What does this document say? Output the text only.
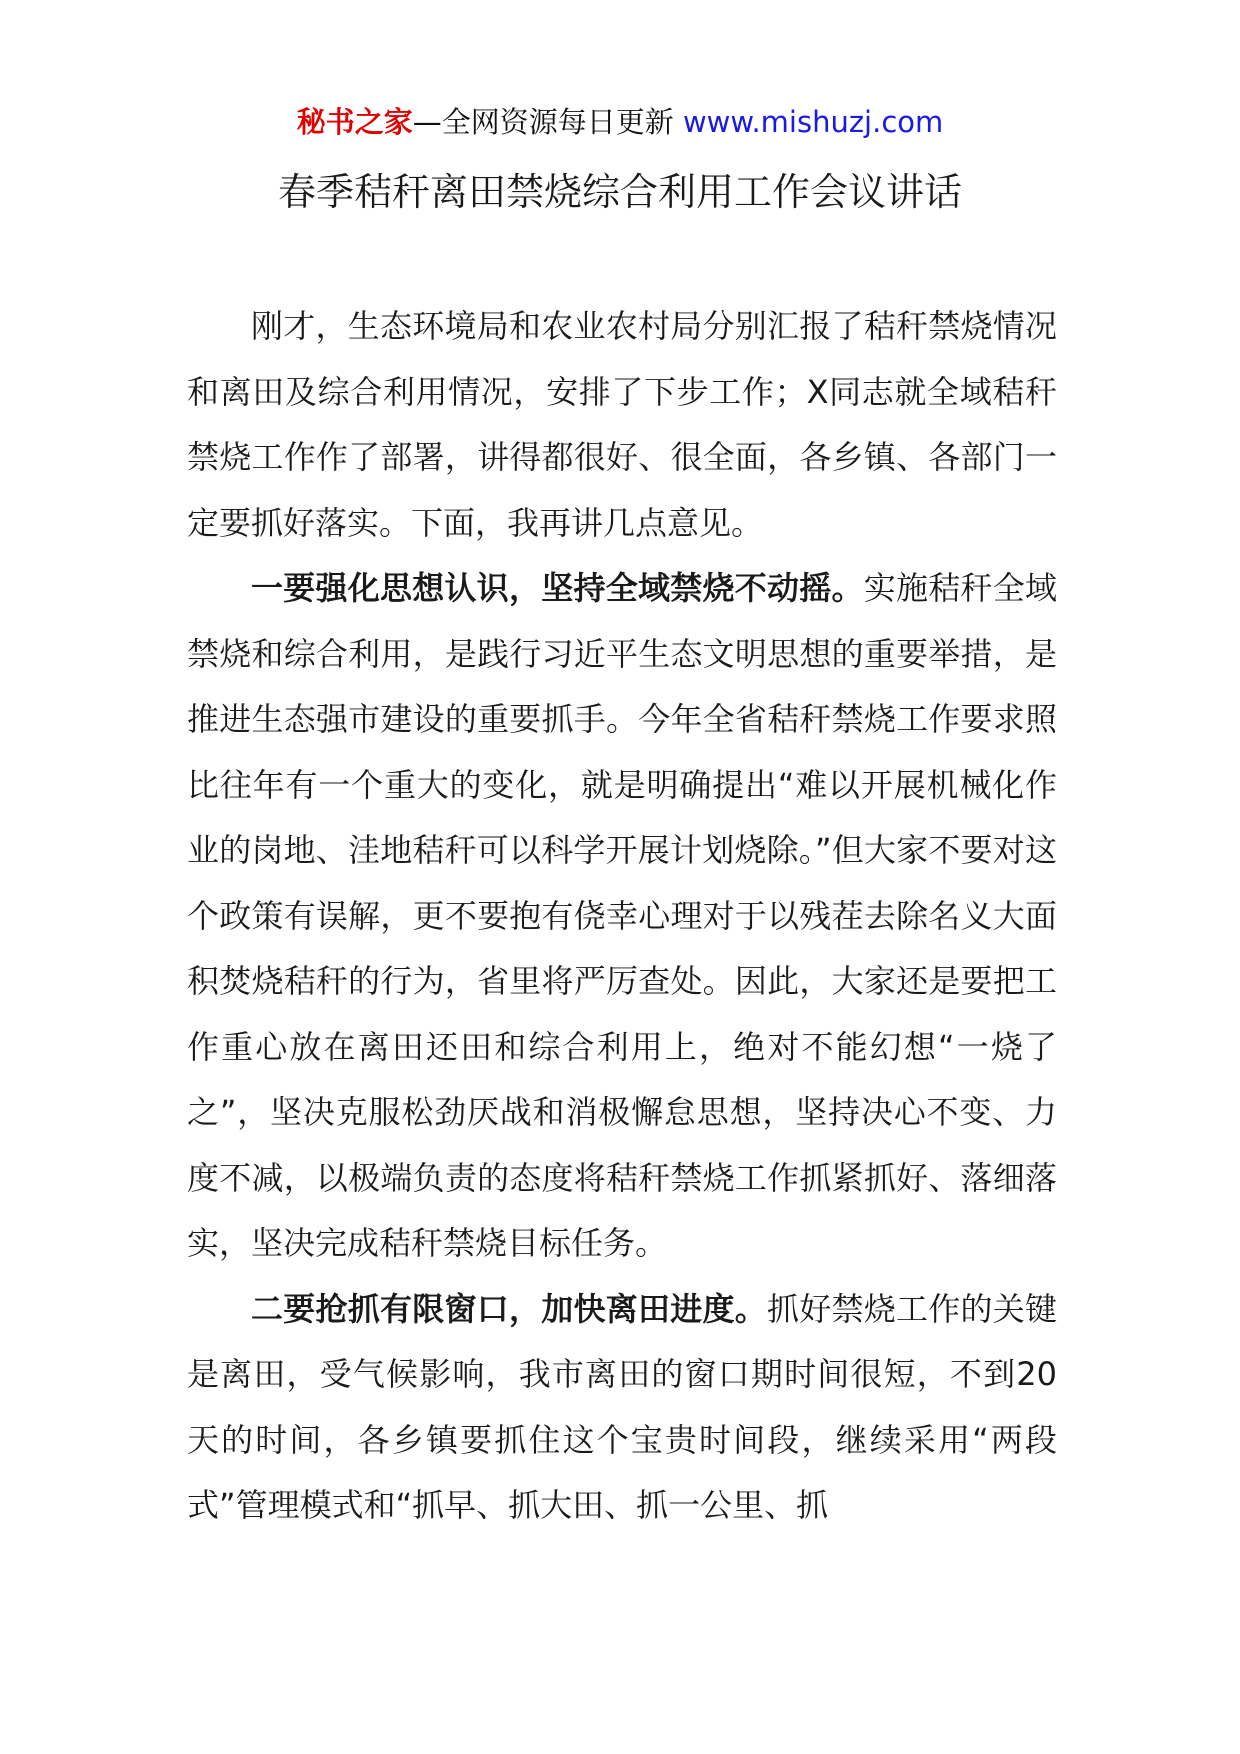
秘书之家—全网资源每日更新 www.mishuzj.com
春季秸秆离田禁烧综合利用工作会议讲话

刚才，生态环境局和农业农村局分别汇报了秸秆禁烧情况和离田及综合利用情况，安排了下步工作；X同志就全域秸秆禁烧工作作了部署，讲得都很好、很全面，各乡镇、各部门一定要抓好落实。下面，我再讲几点意见。

一要强化思想认识，坚持全域禁烧不动摇。实施秸秆全域禁烧和综合利用，是践行习近平生态文明思想的重要举措，是推进生态强市建设的重要抓手。今年全省秸秆禁烧工作要求照比往年有一个重大的变化，就是明确提出“难以开展机械化作业的岗地、洼地秸秆可以科学开展计划烧除。”但大家不要对这个政策有误解，更不要抱有侥幸心理对于以残茬去除名义大面积焚烧秸秆的行为，省里将严厉查处。因此，大家还是要把工作重心放在离田还田和综合利用上，绝对不能幻想“一烧了之”，坚决克服松劲厌战和消极懈怠思想，坚持决心不变、力度不减，以极端负责的态度将秸秆禁烧工作抓紧抓好、落细落实，坚决完成秸秆禁烧目标任务。

二要抢抓有限窗口，加快离田进度。抓好禁烧工作的关键是离田，受气候影响，我市离田的窗口期时间很短，不到20天的时间，各乡镇要抓住这个宝贵时间段，继续采用“两段式”管理模式和“抓早、抓大田、抓一公里、抓
